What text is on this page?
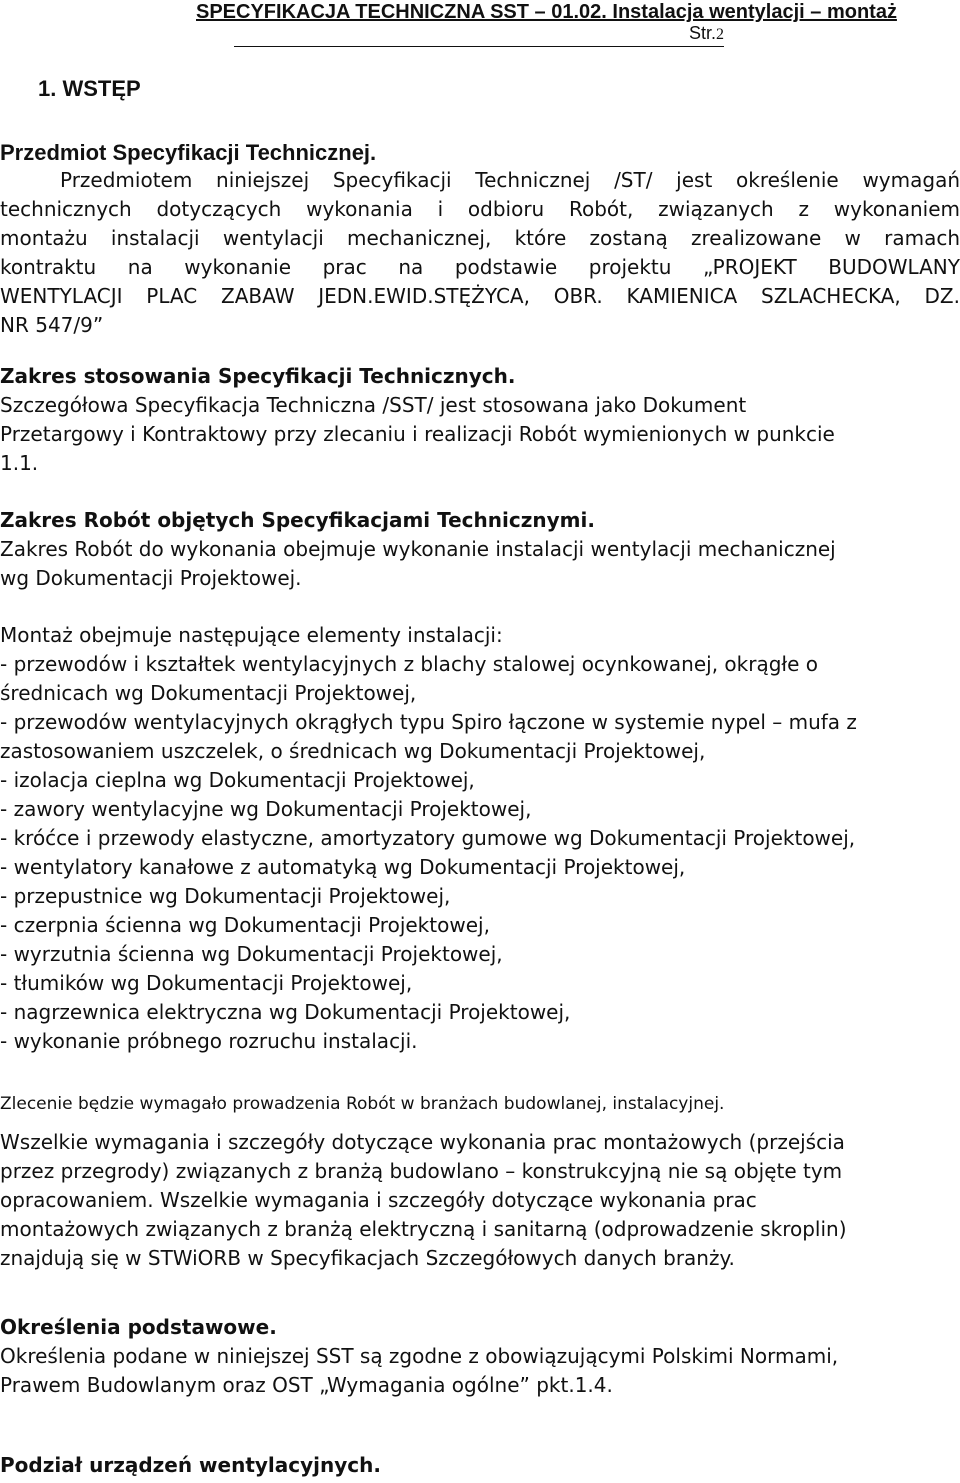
SPECYFIKACJA TECHNICZNA SST – 01.02. Instalacja wentylacji – montaż
Str.2
1. WSTĘP
Przedmiot Specyfikacji Technicznej.
Przedmiotem niniejszej Specyfikacji Technicznej /ST/ jest określenie wymagań
technicznych dotyczących wykonania i odbioru Robót, związanych z wykonaniem
montażu instalacji wentylacji mechanicznej, które zostaną zrealizowane w ramach
kontraktu na wykonanie prac na podstawie projektu „PROJEKT BUDOWLANY
WENTYLACJI PLAC ZABAW JEDN.EWID.STĘŻYCA, OBR. KAMIENICA SZLACHECKA, DZ.
NR 547/9”
Zakres stosowania Specyfikacji Technicznych.
Szczegółowa Specyfikacja Techniczna /SST/ jest stosowana jako Dokument
Przetargowy i Kontraktowy przy zlecaniu i realizacji Robót wymienionych w punkcie
1.1.
Zakres Robót objętych Specyfikacjami Technicznymi.
Zakres Robót do wykonania obejmuje wykonanie instalacji wentylacji mechanicznej
wg Dokumentacji Projektowej.
Montaż obejmuje następujące elementy instalacji:
- przewodów i kształtek wentylacyjnych z blachy stalowej ocynkowanej, okrągłe o
średnicach wg Dokumentacji Projektowej,
- przewodów wentylacyjnych okrągłych typu Spiro łączone w systemie nypel – mufa z
zastosowaniem uszczelek, o średnicach wg Dokumentacji Projektowej,
- izolacja cieplna wg Dokumentacji Projektowej,
- zawory wentylacyjne wg Dokumentacji Projektowej,
- króćce i przewody elastyczne, amortyzatory gumowe wg Dokumentacji Projektowej,
- wentylatory kanałowe z automatyką wg Dokumentacji Projektowej,
- przepustnice wg Dokumentacji Projektowej,
- czerpnia ścienna wg Dokumentacji Projektowej,
- wyrzutnia ścienna wg Dokumentacji Projektowej,
- tłumików wg Dokumentacji Projektowej,
- nagrzewnica elektryczna wg Dokumentacji Projektowej,
- wykonanie próbnego rozruchu instalacji.
Zlecenie będzie wymagało prowadzenia Robót w branżach budowlanej, instalacyjnej.
Wszelkie wymagania i szczegóły dotyczące wykonania prac montażowych (przejścia
przez przegrody) związanych z branżą budowlano – konstrukcyjną nie są objęte tym
opracowaniem. Wszelkie wymagania i szczegóły dotyczące wykonania prac
montażowych związanych z branżą elektryczną i sanitarną (odprowadzenie skroplin)
znajdują się w STWiORB w Specyfikacjach Szczegółowych danych branży.
Określenia podstawowe.
Określenia podane w niniejszej SST są zgodne z obowiązującymi Polskimi Normami,
Prawem Budowlanym oraz OST „Wymagania ogólne” pkt.1.4.
Podział urządzeń wentylacyjnych.
